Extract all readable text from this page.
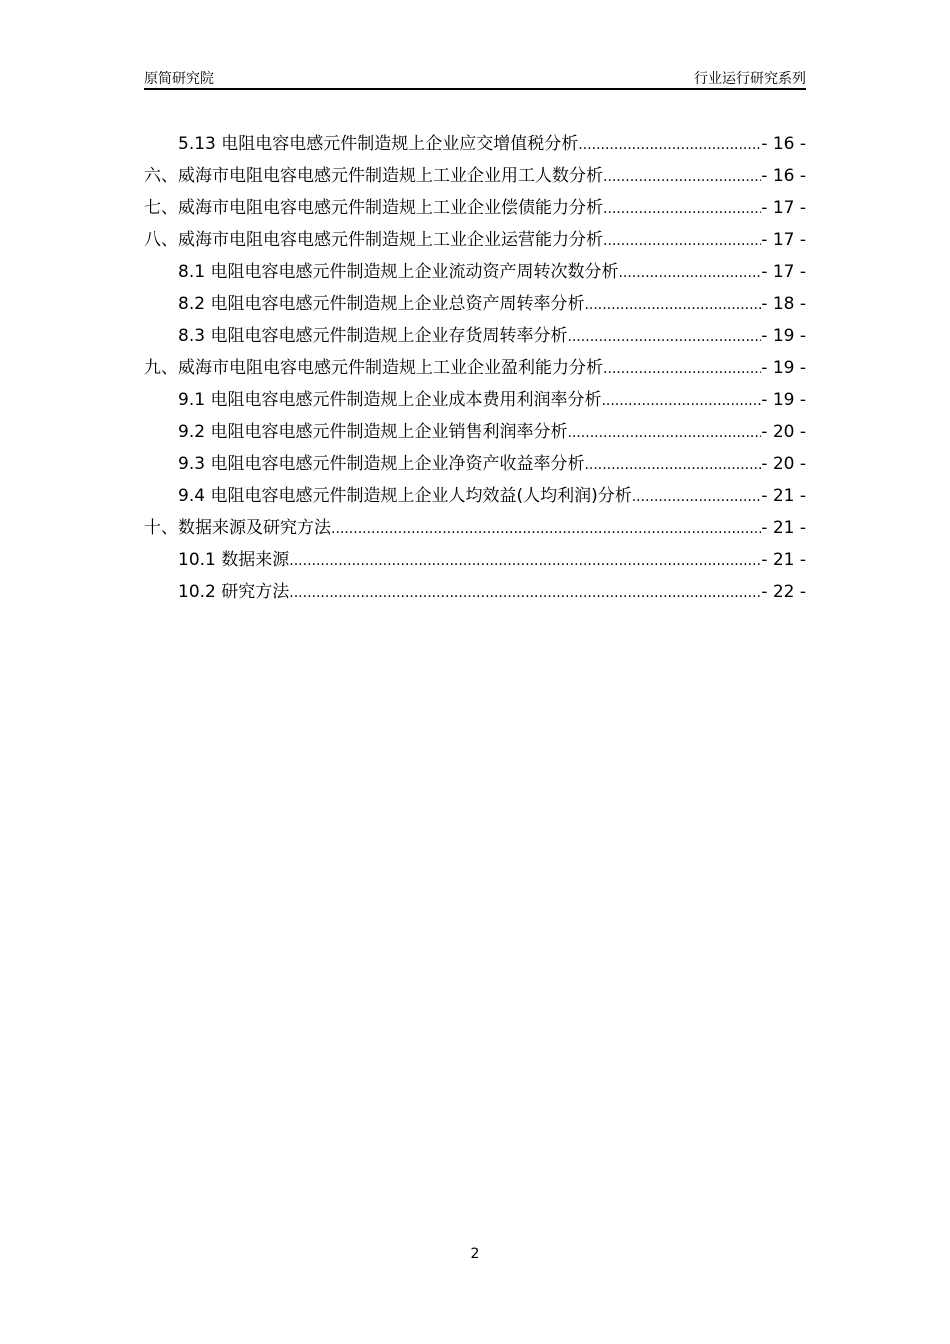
原简研究院	行业运行研究系列
5.13 电阻电容电感元件制造规上企业应交增值税分析 .....	- 16 -
六、威海市电阻电容电感元件制造规上工业企业用工人数分析 .....	- 16 -
七、威海市电阻电容电感元件制造规上工业企业偿债能力分析 .....	- 17 -
八、威海市电阻电容电感元件制造规上工业企业运营能力分析 .....	- 17 -
8.1 电阻电容电感元件制造规上企业流动资产周转次数分析 .....	- 17 -
8.2 电阻电容电感元件制造规上企业总资产周转率分析 .....	- 18 -
8.3 电阻电容电感元件制造规上企业存货周转率分析 .....	- 19 -
九、威海市电阻电容电感元件制造规上工业企业盈利能力分析 .....	- 19 -
9.1 电阻电容电感元件制造规上企业成本费用利润率分析 .....	- 19 -
9.2 电阻电容电感元件制造规上企业销售利润率分析 .....	- 20 -
9.3 电阻电容电感元件制造规上企业净资产收益率分析 .....	- 20 -
9.4 电阻电容电感元件制造规上企业人均效益(人均利润)分析 .....	- 21 -
十、数据来源及研究方法 .....	- 21 -
10.1 数据来源 .....	- 21 -
10.2 研究方法 .....	- 22 -
2
